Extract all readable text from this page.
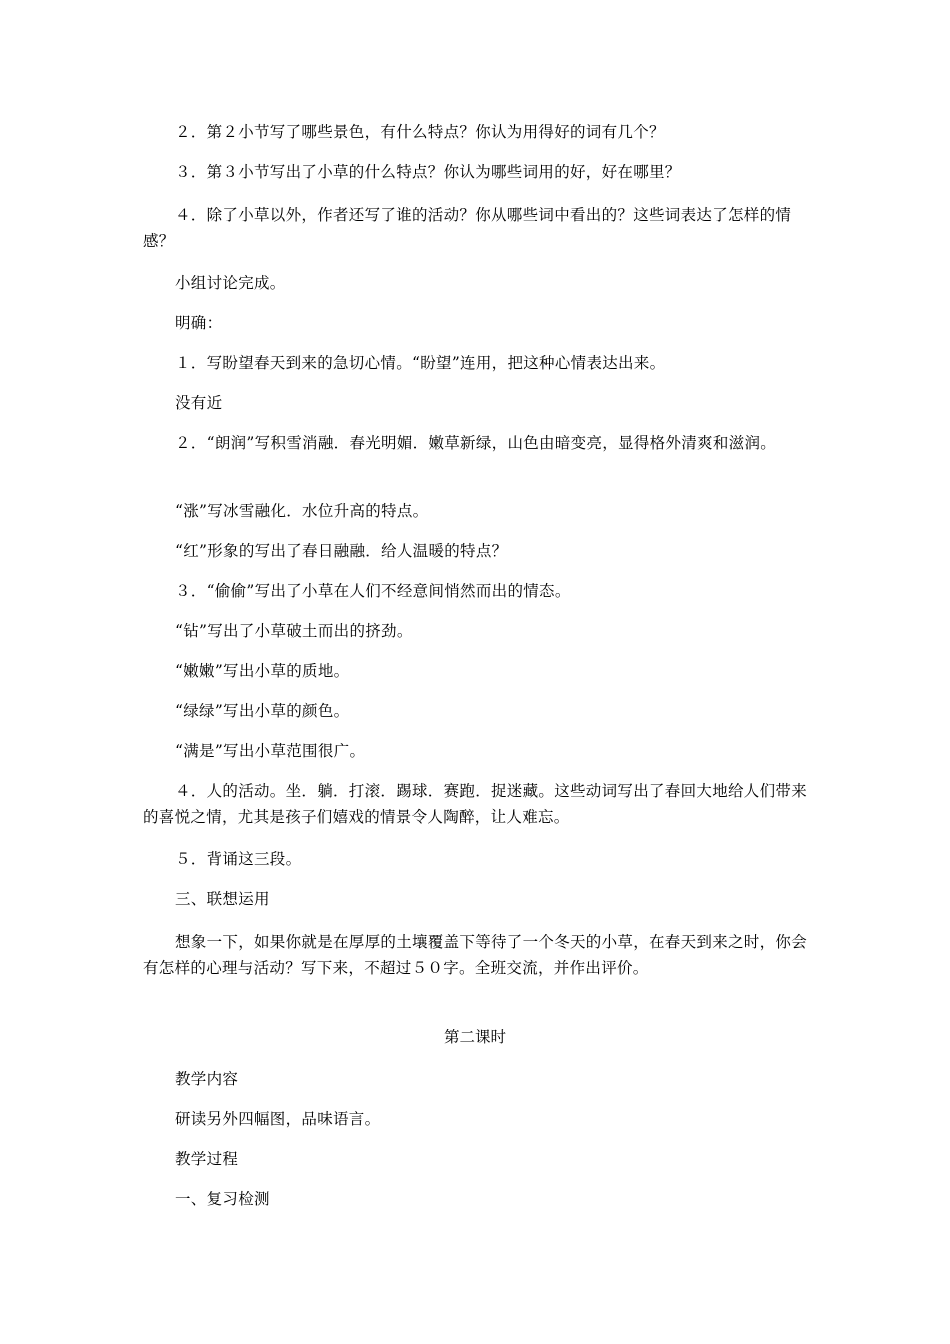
２．第２小节写了哪些景色，有什么特点？你认为用得好的词有几个？

３．第３小节写出了小草的什么特点？你认为哪些词用的好，好在哪里？

４．除了小草以外，作者还写了谁的活动？你从哪些词中看出的？这些词表达了怎样的情感？

小组讨论完成。

明确：

１．写盼望春天到来的急切心情。“盼望”连用，把这种心情表达出来。

没有近

２．“朗润”写积雪消融．春光明媚．嫩草新绿，山色由暗变亮，显得格外清爽和滋润。

“涨”写冰雪融化．水位升高的特点。

“红”形象的写出了春日融融．给人温暖的特点？

３．“偷偷”写出了小草在人们不经意间悄然而出的情态。

“钻”写出了小草破土而出的挤劲。

“嫩嫩”写出小草的质地。

“绿绿”写出小草的颜色。

“满是”写出小草范围很广。

４．人的活动。坐．躺．打滚．踢球．赛跑．捉迷藏。这些动词写出了春回大地给人们带来的喜悦之情，尤其是孩子们嬉戏的情景令人陶醉，让人难忘。

５．背诵这三段。

三、联想运用

想象一下，如果你就是在厚厚的土壤覆盖下等待了一个冬天的小草，在春天到来之时，你会有怎样的心理与活动？写下来，不超过５０字。全班交流，并作出评价。

第二课时

教学内容

研读另外四幅图，品味语言。

教学过程

一、复习检测
